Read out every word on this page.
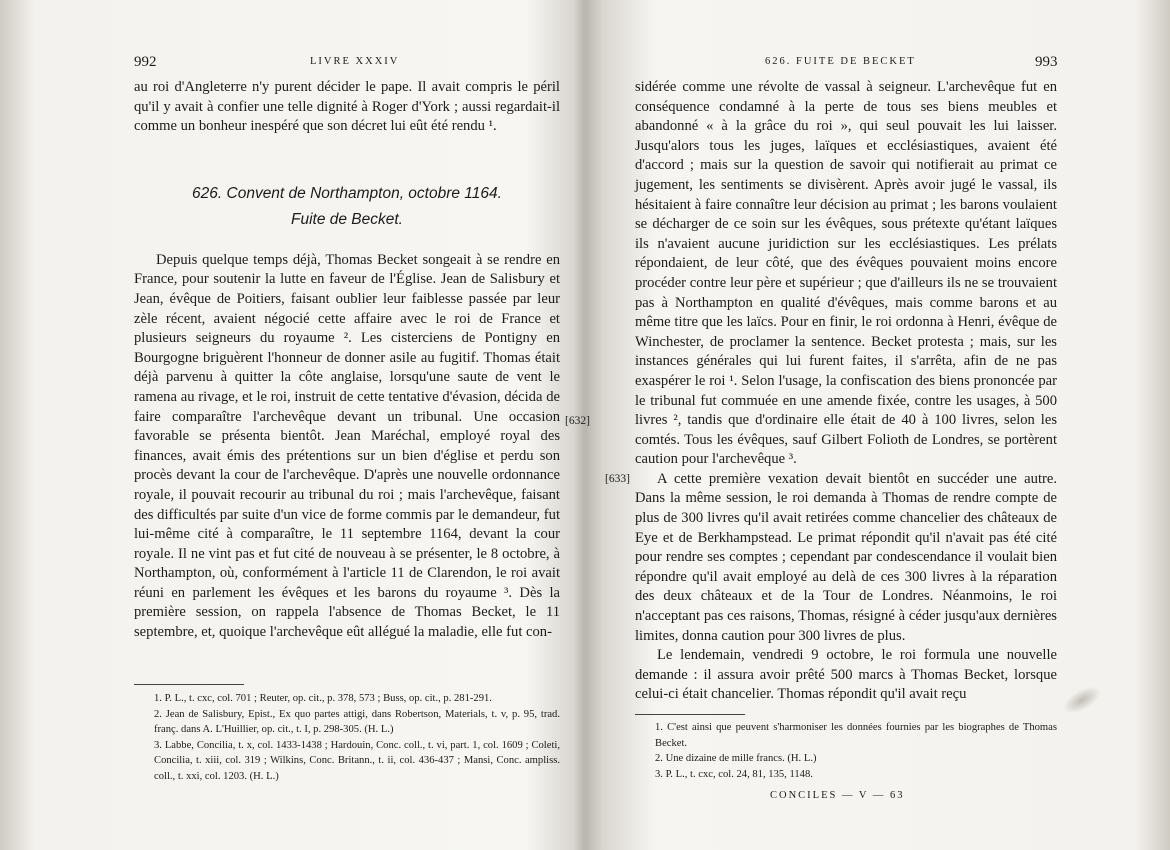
992	LIVRE XXXIV

au roi d'Angleterre n'y purent décider le pape. Il avait compris le péril qu'il y avait à confier une telle dignité à Roger d'York ; aussi regardait-il comme un bonheur inespéré que son décret lui eût été rendu ¹.

626. Convent de Northampton, octobre 1164.
Fuite de Becket.

Depuis quelque temps déjà, Thomas Becket songeait à se rendre en France, pour soutenir la lutte en faveur de l'Église. Jean de Salisbury et Jean, évêque de Poitiers, faisant oublier leur faiblesse passée par leur zèle récent, avaient négocié cette affaire avec le roi de France et plusieurs seigneurs du royaume ². Les cisterciens de Pontigny en Bourgogne briguèrent l'honneur de donner asile au fugitif. Thomas était déjà parvenu à quitter la côte anglaise, lorsqu'une saute de vent le ramena au rivage, et le roi, instruit de cette tentative d'évasion, décida de faire comparaître l'archevêque devant un tribunal. Une occasion favorable se présenta bientôt. Jean Maréchal, employé royal des finances, avait émis des prétentions sur un bien d'église et perdu son procès devant la cour de l'archevêque. D'après une nouvelle ordonnance royale, il pouvait recourir au tribunal du roi ; mais l'archevêque, faisant des difficultés par suite d'un vice de forme commis par le demandeur, fut lui-même cité à comparaître, le 11 septembre 1164, devant la cour royale. Il ne vint pas et fut cité de nouveau à se présenter, le 8 octobre, à Northampton, où, conformément à l'article 11 de Clarendon, le roi avait réuni en parlement les évêques et les barons du royaume ³. Dès la première session, on rappela l'absence de Thomas Becket, le 11 septembre, et, quoique l'archevêque eût allégué la maladie, elle fut con-

[632]

1. P. L., t. cxc, col. 701 ; Reuter, op. cit., p. 378, 573 ; Buss, op. cit., p. 281-291.

2. Jean de Salisbury, Epist., Ex quo partes attigi, dans Robertson, Materials, t. v, p. 95, trad. franç. dans A. L'Huillier, op. cit., t. I, p. 298-305. (H. L.)

3. Labbe, Concilia, t. x, col. 1433-1438 ; Hardouin, Conc. coll., t. vi, part. 1, col. 1609 ; Coleti, Concilia, t. xiii, col. 319 ; Wilkins, Conc. Britann., t. ii, col. 436-437 ; Mansi, Conc. ampliss. coll., t. xxi, col. 1203. (H. L.)

626. FUITE DE BECKET	993

sidérée comme une révolte de vassal à seigneur. L'archevêque fut en conséquence condamné à la perte de tous ses biens meubles et abandonné « à la grâce du roi », qui seul pouvait les lui laisser. Jusqu'alors tous les juges, laïques et ecclésiastiques, avaient été d'accord ; mais sur la question de savoir qui notifierait au primat ce jugement, les sentiments se divisèrent. Après avoir jugé le vassal, ils hésitaient à faire connaître leur décision au primat ; les barons voulaient se décharger de ce soin sur les évêques, sous prétexte qu'étant laïques ils n'avaient aucune juridiction sur les ecclésiastiques. Les prélats répondaient, de leur côté, que des évêques pouvaient moins encore procéder contre leur père et supérieur ; que d'ailleurs ils ne se trouvaient pas à Northampton en qualité d'évêques, mais comme barons et au même titre que les laïcs. Pour en finir, le roi ordonna à Henri, évêque de Winchester, de proclamer la sentence. Becket protesta ; mais, sur les instances générales qui lui furent faites, il s'arrêta, afin de ne pas exaspérer le roi ¹. Selon l'usage, la confiscation des biens prononcée par le tribunal fut commuée en une amende fixée, contre les usages, à 500 livres ², tandis que d'ordinaire elle était de 40 à 100 livres, selon les comtés. Tous les évêques, sauf Gilbert Folioth de Londres, se portèrent caution pour l'archevêque ³.

A cette première vexation devait bientôt en succéder une autre. Dans la même session, le roi demanda à Thomas de rendre compte de plus de 300 livres qu'il avait retirées comme chancelier des châteaux de Eye et de Berkhampstead. Le primat répondit qu'il n'avait pas été cité pour rendre ses comptes ; cependant par condescendance il voulait bien répondre qu'il avait employé au delà de ces 300 livres à la réparation des deux châteaux et de la Tour de Londres. Néanmoins, le roi n'acceptant pas ces raisons, Thomas, résigné à céder jusqu'aux dernières limites, donna caution pour 300 livres de plus.

Le lendemain, vendredi 9 octobre, le roi formula une nouvelle demande : il assura avoir prêté 500 marcs à Thomas Becket, lorsque celui-ci était chancelier. Thomas répondit qu'il avait reçu

[633]

1. C'est ainsi que peuvent s'harmoniser les données fournies par les biographes de Thomas Becket.

2. Une dizaine de mille francs. (H. L.)

3. P. L., t. cxc, col. 24, 81, 135, 1148.

CONCILES — V — 63
